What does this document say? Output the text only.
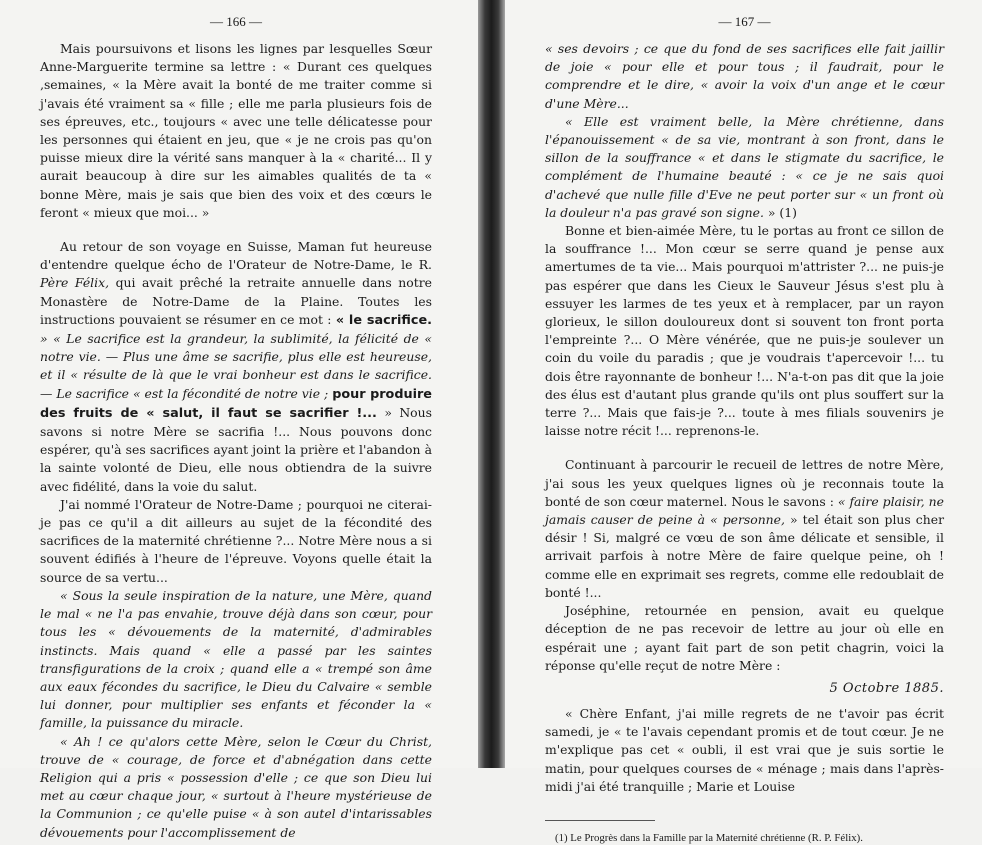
— 166 —

Mais poursuivons et lisons les lignes par lesquelles Sœur Anne-Marguerite termine sa lettre : « Durant ces quelques ‚semaines, « la Mère avait la bonté de me traiter comme si j'avais été vraiment sa « fille ; elle me parla plusieurs fois de ses épreuves, etc., toujours « avec une telle délicatesse pour les personnes qui étaient en jeu, que « je ne crois pas qu'on puisse mieux dire la vérité sans manquer à la « charité... Il y aurait beaucoup à dire sur les aimables qualités de ta « bonne Mère, mais je sais que bien des voix et des cœurs le feront « mieux que moi... »

Au retour de son voyage en Suisse, Maman fut heureuse d'entendre quelque écho de l'Orateur de Notre-Dame, le R. Père Félix, qui avait prêché la retraite annuelle dans notre Monastère de Notre-Dame de la Plaine. Toutes les instructions pouvaient se résumer en ce mot : « le sacrifice. » « Le sacrifice est la grandeur, la sublimité, la félicité de « notre vie. — Plus une âme se sacrifie, plus elle est heureuse, et il « résulte de là que le vrai bonheur est dans le sacrifice. — Le sacrifice « est la fécondité de notre vie ; pour produire des fruits de « salut, il faut se sacrifier !... » Nous savons si notre Mère se sacrifia !... Nous pouvons donc espérer, qu'à ses sacrifices ayant joint la prière et l'abandon à la sainte volonté de Dieu, elle nous obtiendra de la suivre avec fidélité, dans la voie du salut.

J'ai nommé l'Orateur de Notre-Dame ; pourquoi ne citerai-je pas ce qu'il a dit ailleurs au sujet de la fécondité des sacrifices de la maternité chrétienne ?... Notre Mère nous a si souvent édifiés à l'heure de l'épreuve. Voyons quelle était la source de sa vertu...

« Sous la seule inspiration de la nature, une Mère, quand le mal « ne l'a pas envahie, trouve déjà dans son cœur, pour tous les « dévouements de la maternité, d'admirables instincts. Mais quand « elle a passé par les saintes transfigurations de la croix ; quand elle a « trempé son âme aux eaux fécondes du sacrifice, le Dieu du Calvaire « semble lui donner, pour multiplier ses enfants et féconder la « famille, la puissance du miracle.

« Ah ! ce qu'alors cette Mère, selon le Cœur du Christ, trouve de « courage, de force et d'abnégation dans cette Religion qui a pris « possession d'elle ; ce que son Dieu lui met au cœur chaque jour, « surtout à l'heure mystérieuse de la Communion ; ce qu'elle puise « à son autel d'intarissables dévouements pour l'accomplissement de

— 167 —

« ses devoirs ; ce que du fond de ses sacrifices elle fait jaillir de joie « pour elle et pour tous ; il faudrait, pour le comprendre et le dire, « avoir la voix d'un ange et le cœur d'une Mère...

« Elle est vraiment belle, la Mère chrétienne, dans l'épanouissement « de sa vie, montrant à son front, dans le sillon de la souffrance « et dans le stigmate du sacrifice, le complément de l'humaine beauté : « ce je ne sais quoi d'achevé que nulle fille d'Eve ne peut porter sur « un front où la douleur n'a pas gravé son signe. » (1)

Bonne et bien-aimée Mère, tu le portas au front ce sillon de la souffrance !... Mon cœur se serre quand je pense aux amertumes de ta vie... Mais pourquoi m'attrister ?... ne puis-je pas espérer que dans les Cieux le Sauveur Jésus s'est plu à essuyer les larmes de tes yeux et à remplacer, par un rayon glorieux, le sillon douloureux dont si souvent ton front porta l'empreinte ?... O Mère vénérée, que ne puis-je soulever un coin du voile du paradis ; que je voudrais t'apercevoir !... tu dois être rayonnante de bonheur !... N'a-t-on pas dit que la joie des élus est d'autant plus grande qu'ils ont plus souffert sur la terre ?... Mais que fais-je ?... toute à mes filials souvenirs je laisse notre récit !... reprenons-le.

Continuant à parcourir le recueil de lettres de notre Mère, j'ai sous les yeux quelques lignes où je reconnais toute la bonté de son cœur maternel. Nous le savons : « faire plaisir, ne jamais causer de peine à « personne, » tel était son plus cher désir ! Si, malgré ce vœu de son âme délicate et sensible, il arrivait parfois à notre Mère de faire quelque peine, oh ! comme elle en exprimait ses regrets, comme elle redoublait de bonté !...

Joséphine, retournée en pension, avait eu quelque déception de ne pas recevoir de lettre au jour où elle en espérait une ; ayant fait part de son petit chagrin, voici la réponse qu'elle reçut de notre Mère :

5 Octobre 1885.

« Chère Enfant, j'ai mille regrets de ne t'avoir pas écrit samedi, je « te l'avais cependant promis et de tout cœur. Je ne m'explique pas cet « oubli, il est vrai que je suis sortie le matin, pour quelques courses de « ménage ; mais dans l'après-midi j'ai été tranquille ; Marie et Louise

(1) Le Progrès dans la Famille par la Maternité chrétienne (R. P. Félix).
